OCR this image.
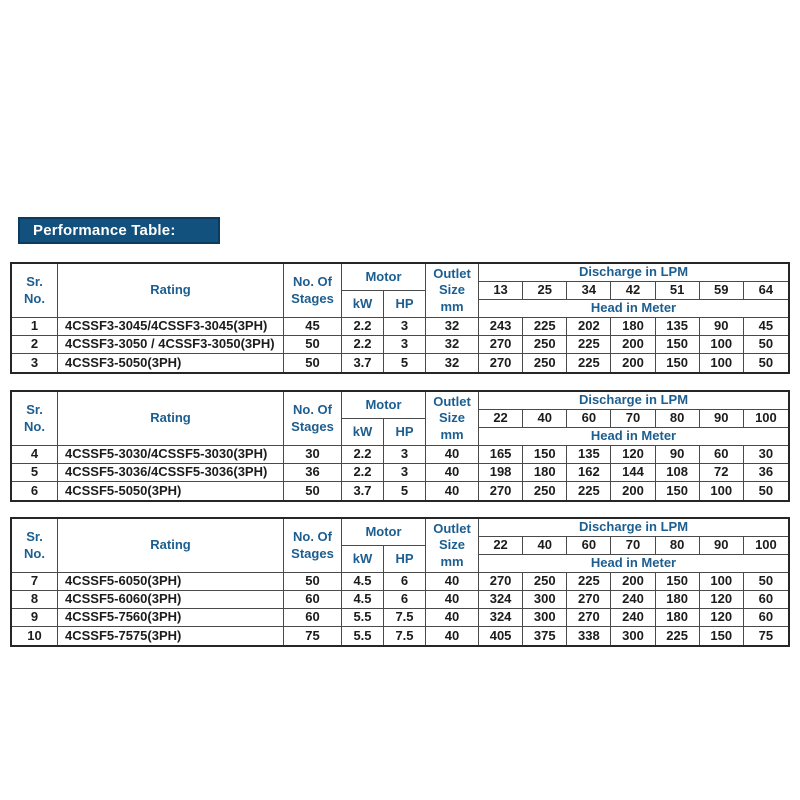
Performance Table:
Sr.
No.
Rating
No. Of
Stages
Motor
kW	HP
Outlet
Size
mm
Discharge in LPM
13	25	34	42	51	59	64
Head in Meter
1	4CSSF3-3045/4CSSF3-3045(3PH)	45	2.2	3	32	243	225	202	180	135	90	45
2	4CSSF3-3050 / 4CSSF3-3050(3PH)	50	2.2	3	32	270	250	225	200	150	100	50
3	4CSSF3-5050(3PH)	50	3.7	5	32	270	250	225	200	150	100	50
Sr.
No.
Rating
No. Of
Stages
Motor
kW	HP
Outlet
Size
mm
Discharge in LPM
22	40	60	70	80	90	100
Head in Meter
4	4CSSF5-3030/4CSSF5-3030(3PH)	30	2.2	3	40	165	150	135	120	90	60	30
5	4CSSF5-3036/4CSSF5-3036(3PH)	36	2.2	3	40	198	180	162	144	108	72	36
6	4CSSF5-5050(3PH)	50	3.7	5	40	270	250	225	200	150	100	50
Sr.
No.
Rating
No. Of
Stages
Motor
kW	HP
Outlet
Size
mm
Discharge in LPM
22	40	60	70	80	90	100
Head in Meter
7	4CSSF5-6050(3PH)	50	4.5	6	40	270	250	225	200	150	100	50
8	4CSSF5-6060(3PH)	60	4.5	6	40	324	300	270	240	180	120	60
9	4CSSF5-7560(3PH)	60	5.5	7.5	40	324	300	270	240	180	120	60
10	4CSSF5-7575(3PH)	75	5.5	7.5	40	405	375	338	300	225	150	75
